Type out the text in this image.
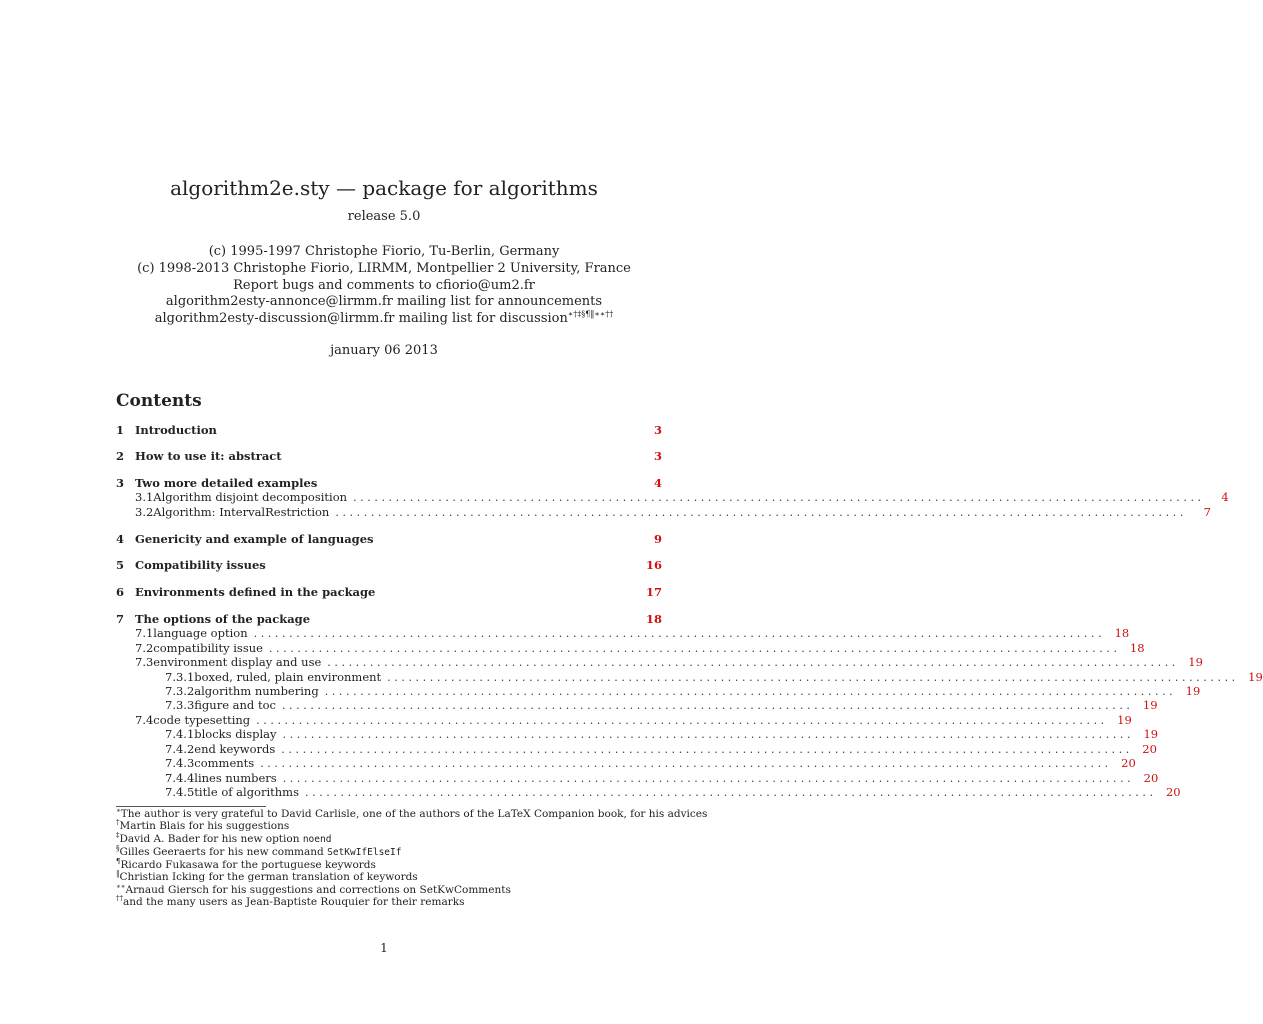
algorithm2e.sty — package for algorithms
release 5.0
(c) 1995-1997 Christophe Fiorio, Tu-Berlin, Germany
(c) 1998-2013 Christophe Fiorio, LIRMM, Montpellier 2 University, France
Report bugs and comments to cfiorio@um2.fr
algorithm2esty-annonce@lirmm.fr mailing list for announcements
algorithm2esty-discussion@lirmm.fr mailing list for discussion∗†‡§¶‖∗∗††
january 06 2013
Contents
1 Introduction	3
2 How to use it: abstract	3
3 Two more detailed examples	4
3.1 Algorithm disjoint decomposition ........................................................................................................................	4
3.2 Algorithm: IntervalRestriction ........................................................................................................................	7
4 Genericity and example of languages	9
5 Compatibility issues	16
6 Environments defined in the package	17
7 The options of the package	18
7.1 language option ........................................................................................................................ 18
7.2 compatibility issue ........................................................................................................................ 18
7.3 environment display and use ........................................................................................................................ 19
7.3.1 boxed, ruled, plain environment ........................................................................................................................ 19
7.3.2 algorithm numbering ........................................................................................................................ 19
7.3.3 figure and toc ........................................................................................................................ 19
7.4 code typesetting ........................................................................................................................ 19
7.4.1 blocks display ........................................................................................................................ 19
7.4.2 end keywords ........................................................................................................................ 20
7.4.3 comments ........................................................................................................................ 20
7.4.4 lines numbers ........................................................................................................................ 20
7.4.5 title of algorithms ........................................................................................................................ 20
∗The author is very grateful to David Carlisle, one of the authors of the LaTeX Companion book, for his advices
†Martin Blais for his suggestions
‡David A. Bader for his new option noend
§Gilles Geeraerts for his new command SetKwIfElseIf
¶Ricardo Fukasawa for the portuguese keywords
‖Christian Icking for the german translation of keywords
∗∗Arnaud Giersch for his suggestions and corrections on SetKwComments
††and the many users as Jean-Baptiste Rouquier for their remarks
1
